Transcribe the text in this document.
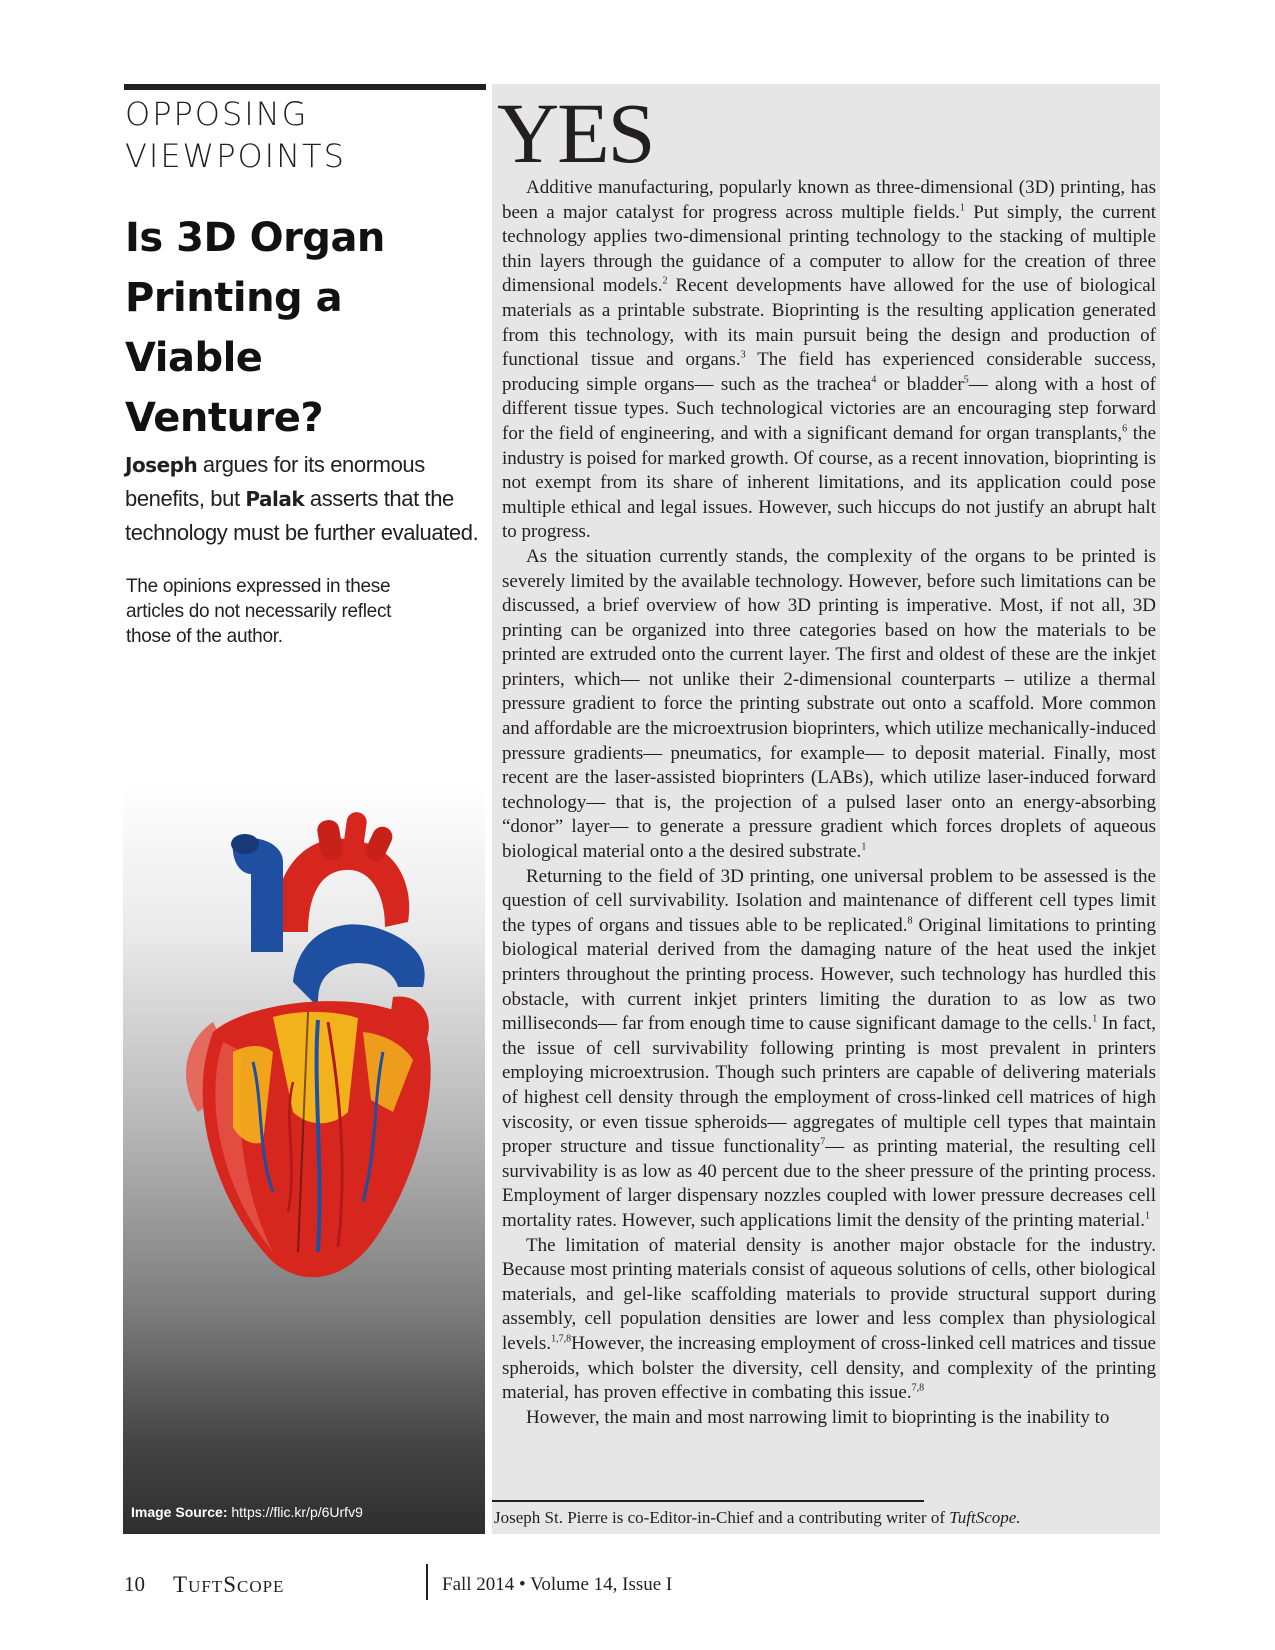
OPPOSING
VIEWPOINTS
Is 3D Organ
Printing a Viable
Venture?
Joseph argues for its enormous benefits, but Palak asserts that the technology must be further evaluated.
The opinions expressed in these
articles do not necessarily reflect
those of the author.
Image Source: https://flic.kr/p/6Urfv9
YES

Additive manufacturing, popularly known as three-dimensional (3D) printing, has been a major catalyst for progress across multiple fields.$^1$ Put simply, the current technology applies two-dimensional printing technology to the stacking of multiple thin layers through the guidance of a computer to allow for the creation of three dimensional models.$^2$ Recent developments have allowed for the use of biological materials as a printable substrate. Bioprinting is the resulting application generated from this technology, with its main pursuit being the design and production of functional tissue and organs.$^3$ The field has experienced considerable success, producing simple organs— such as the trachea$^4$ or bladder$^5$— along with a host of different tissue types. Such technological victories are an encouraging step forward for the field of engineering, and with a significant demand for organ transplants,$^6$ the industry is poised for marked growth. Of course, as a recent innovation, bioprinting is not exempt from its share of inherent limitations, and its application could pose multiple ethical and legal issues. However, such hiccups do not justify an abrupt halt to progress.

As the situation currently stands, the complexity of the organs to be printed is severely limited by the available technology. However, before such limitations can be discussed, a brief overview of how 3D printing is imperative. Most, if not all, 3D printing can be organized into three categories based on how the materials to be printed are extruded onto the current layer. The first and oldest of these are the inkjet printers, which— not unlike their 2-dimensional counterparts – utilize a thermal pressure gradient to force the printing substrate out onto a scaffold. More common and affordable are the microextrusion bioprinters, which utilize mechanically-induced pressure gradients— pneumatics, for example— to deposit material. Finally, most recent are the laser-assisted bioprinters (LABs), which utilize laser-induced forward technology— that is, the projection of a pulsed laser onto an energy-absorbing “donor” layer— to generate a pressure gradient which forces droplets of aqueous biological material onto a the desired substrate.$^1$

Returning to the field of 3D printing, one universal problem to be assessed is the question of cell survivability. Isolation and maintenance of different cell types limit the types of organs and tissues able to be replicated.$^8$ Original limitations to printing biological material derived from the damaging nature of the heat used the inkjet printers throughout the printing process. However, such technology has hurdled this obstacle, with current inkjet printers limiting the duration to as low as two milliseconds— far from enough time to cause significant damage to the cells.$^1$ In fact, the issue of cell survivability following printing is most prevalent in printers employing microextrusion. Though such printers are capable of delivering materials of highest cell density through the employment of cross-linked cell matrices of high viscosity, or even tissue spheroids— aggregates of multiple cell types that maintain proper structure and tissue functionality$^7$— as printing material, the resulting cell survivability is as low as 40 percent due to the sheer pressure of the printing process. Employment of larger dispensary nozzles coupled with lower pressure decreases cell mortality rates. However, such applications limit the density of the printing material.$^1$

The limitation of material density is another major obstacle for the industry. Because most printing materials consist of aqueous solutions of cells, other biological materials, and gel-like scaffolding materials to provide structural support during assembly, cell population densities are lower and less complex than physiological levels.$^{1,7,8}$However, the increasing employment of cross-linked cell matrices and tissue spheroids, which bolster the diversity, cell density, and complexity of the printing material, has proven effective in combating this issue.$^{7,8}$

However, the main and most narrowing limit to bioprinting is the inability to

Joseph St. Pierre is co-Editor-in-Chief and a contributing writer of TuftScope.
10 TUFTSCOPE	Fall 2014 • Volume 14, Issue I
